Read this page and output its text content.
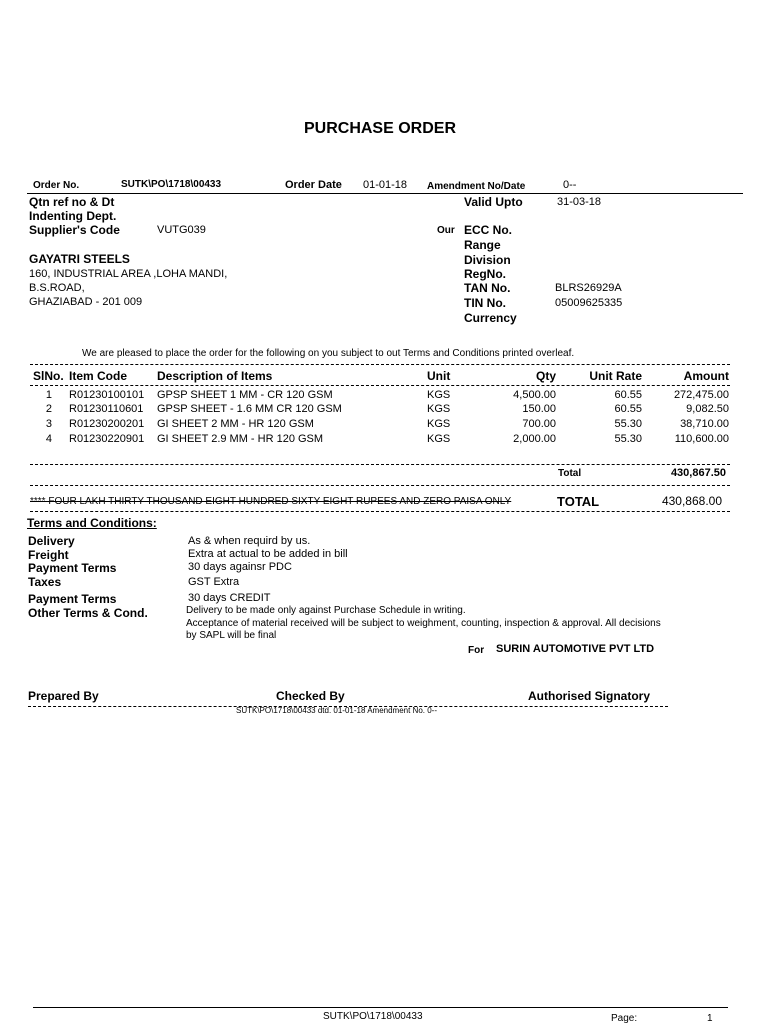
PURCHASE ORDER
Order No.	SUTK\PO\1718\00433	Order Date 01-01-18 Amendment No/Date	0--
Qtn ref no & Dt
Indenting Dept.
Supplier's Code	VUTG039
GAYATRI STEELS
160, INDUSTRIAL AREA ,LOHA MANDI,
B.S.ROAD,
GHAZIABAD - 201 009
Valid Upto	31-03-18
Our ECC No.
Range
Division
RegNo.
TAN No.	BLRS26929A
TIN No.	05009625335
Currency
We are pleased to place the order for the following on you subject to out Terms and Conditions printed overleaf.
SlNo. Item Code Description of Items	Unit	Qty	Unit Rate	Amount
1 R01230100101 GPSP SHEET 1 MM - CR 120 GSM	KGS	4,500.00	60.55	272,475.00
2 R01230110601 GPSP SHEET - 1.6 MM CR 120 GSM	KGS	150.00	60.55	9,082.50
3 R01230200201 GI SHEET 2 MM - HR 120 GSM	KGS	700.00	55.30	38,710.00
4 R01230220901 GI SHEET 2.9 MM - HR 120 GSM	KGS	2,000.00	55.30	110,600.00
Total	430,867.50
**** FOUR LAKH THIRTY THOUSAND EIGHT HUNDRED SIXTY EIGHT RUPEES AND ZERO PAISA ONLY	TOTAL	430,868.00
Terms and Conditions:
Delivery	As & when requird by us.
Freight	Extra at actual to be added in bill
Payment Terms	30 days againsr PDC
Taxes	GST Extra
Payment Terms	30 days CREDIT
Other Terms & Cond.	Delivery to be made only against Purchase Schedule in writing.
Acceptance of material received will be subject to weighment, counting, inspection & approval. All decisions
by SAPL will be final
For SURIN AUTOMOTIVE PVT LTD
Prepared By	Checked By	Authorised Signatory
SUTK\PO\1718\00433 dtd. 01-01-18 Amendment No. 0--
SUTK\PO\1718\00433	Page:	1
